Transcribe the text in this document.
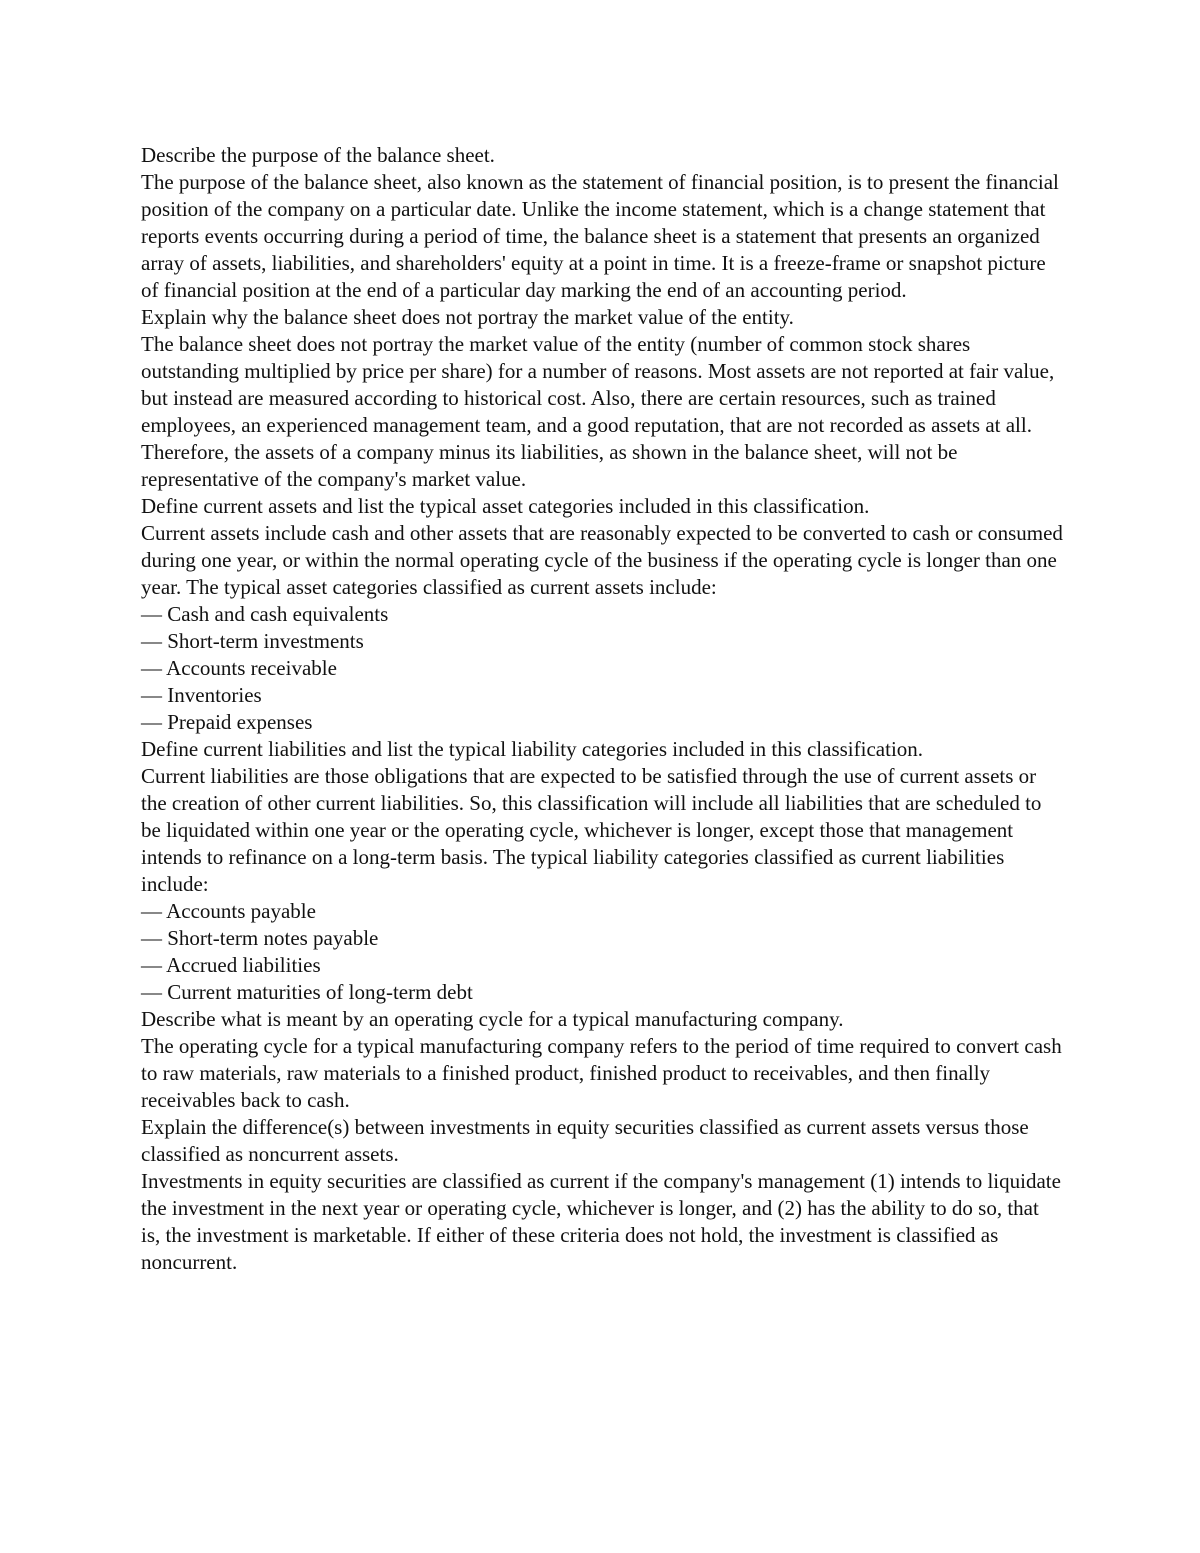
Describe the purpose of the balance sheet.

The purpose of the balance sheet, also known as the statement of financial position, is to present the financial position of the company on a particular date. Unlike the income statement, which is a change statement that reports events occurring during a period of time, the balance sheet is a statement that presents an organized array of assets, liabilities, and shareholders' equity at a point in time. It is a freeze-frame or snapshot picture of financial position at the end of a particular day marking the end of an accounting period.

Explain why the balance sheet does not portray the market value of the entity.

The balance sheet does not portray the market value of the entity (number of common stock shares outstanding multiplied by price per share) for a number of reasons. Most assets are not reported at fair value, but instead are measured according to historical cost. Also, there are certain resources, such as trained employees, an experienced management team, and a good reputation, that are not recorded as assets at all. Therefore, the assets of a company minus its liabilities, as shown in the balance sheet, will not be representative of the company's market value.

Define current assets and list the typical asset categories included in this classification.

Current assets include cash and other assets that are reasonably expected to be converted to cash or consumed during one year, or within the normal operating cycle of the business if the operating cycle is longer than one year. The typical asset categories classified as current assets include:

— Cash and cash equivalents

— Short-term investments

— Accounts receivable

— Inventories

— Prepaid expenses

Define current liabilities and list the typical liability categories included in this classification.

Current liabilities are those obligations that are expected to be satisfied through the use of current assets or the creation of other current liabilities. So, this classification will include all liabilities that are scheduled to be liquidated within one year or the operating cycle, whichever is longer, except those that management intends to refinance on a long-term basis. The typical liability categories classified as current liabilities include:

— Accounts payable

— Short-term notes payable

— Accrued liabilities

— Current maturities of long-term debt

Describe what is meant by an operating cycle for a typical manufacturing company.

The operating cycle for a typical manufacturing company refers to the period of time required to convert cash to raw materials, raw materials to a finished product, finished product to receivables, and then finally receivables back to cash.

Explain the difference(s) between investments in equity securities classified as current assets versus those classified as noncurrent assets.

Investments in equity securities are classified as current if the company's management (1) intends to liquidate the investment in the next year or operating cycle, whichever is longer, and (2) has the ability to do so, that is, the investment is marketable. If either of these criteria does not hold, the investment is classified as noncurrent.
